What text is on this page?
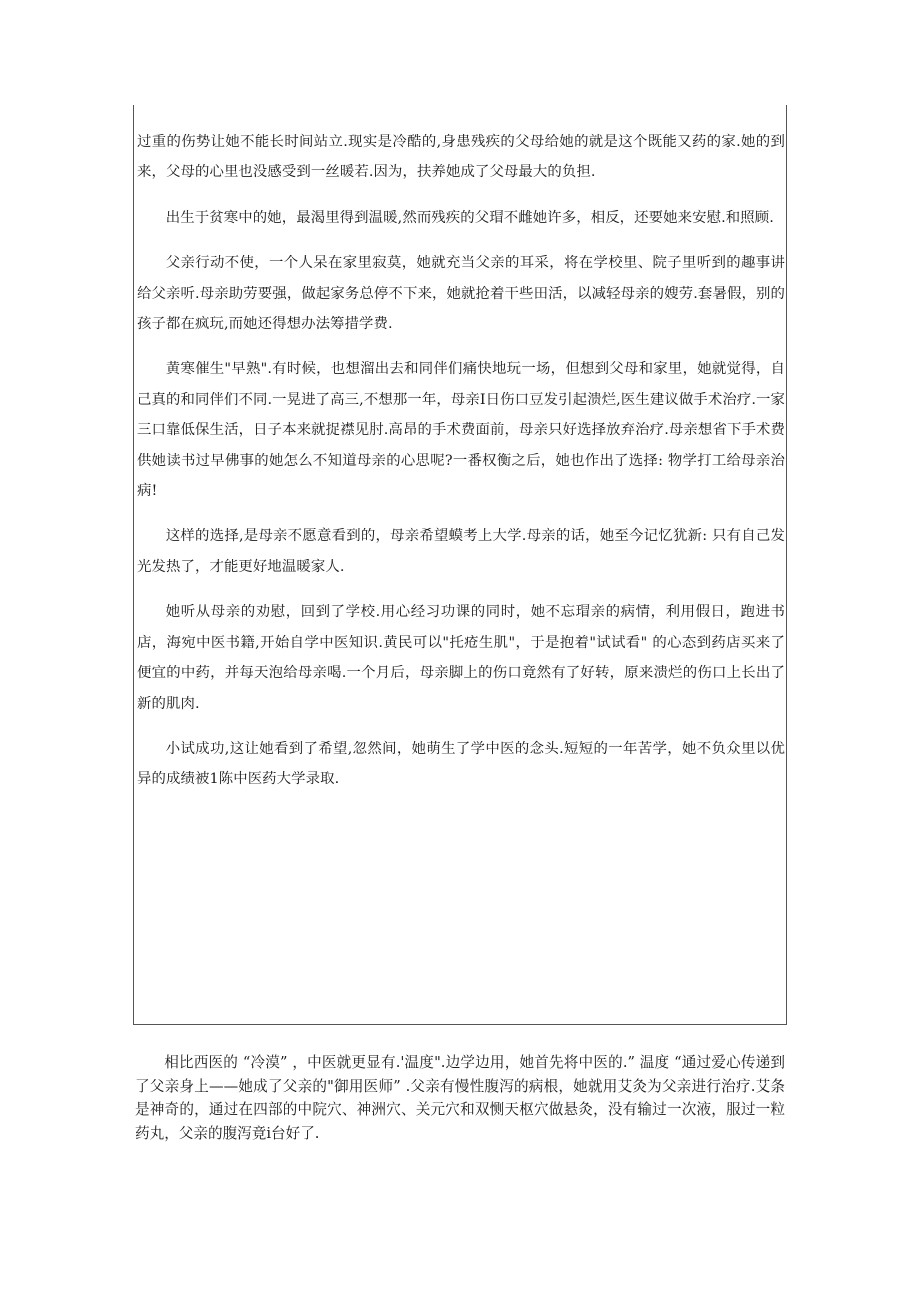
过重的伤势让她不能长时间站立.现实是冷酷的,身患残疾的父母给她的就是这个既能又药的家.她的到来，父母的心里也没感受到一丝暖若.因为，扶养她成了父母最大的负担.

出生于贫寒中的她，最渴里得到温暖,然而残疾的父瑁不雌她许多，相反，还要她来安慰.和照顾.

父亲行动不使，一个人呆在家里寂莫，她就充当父亲的耳采，将在学校里、院子里听到的趣事讲给父亲听.母亲助劳要强，做起家务总停不下来，她就抢着干些田活，以减轻母亲的嫂劳.套暑假，别的孩子都在疯玩,而她还得想办法筹措学费.

黄寒催生"早熟".有时候，也想溜出去和同伴们痛快地玩一场，但想到父母和家里，她就觉得，自己真的和同伴们不同.一晃进了高三,不想那一年，母亲Ⅰ日伤口豆发引起溃烂,医生建议做手术治疗.一家三口靠低保生活，日子本来就捉襟见肘.高昂的手术费面前，母亲只好选择放弃治疗.母亲想省下手术费供她读书过早佛事的她怎么不知道母亲的心思呢?一番权衡之后，她也作出了选择: 物学打工给母亲治病!

这样的选择,是母亲不愿意看到的，母亲希望蟆考上大学.母亲的话，她至今记忆犹新: 只有自己发光发热了，才能更好地温暖家人.

她听从母亲的劝慰，回到了学校.用心经习功课的同时，她不忘瑁亲的病情，利用假日，跑进书店，海宛中医书籍,开始自学中医知识.黄民可以"托疮生肌"，于是抱着"试试看" 的心态到药店买来了便宜的中药，并每天泡给母亲喝.一个月后，母亲脚上的伤口竟然有了好转，原来溃烂的伤口上长出了新的肌肉.

小试成功,这让她看到了希望,忽然间，她萌生了学中医的念头.短短的一年苦学，她不负众里以优异的成绩被1陈中医药大学录取.

相比西医的 “冷漠” ，中医就更显有.'温度".边学边用，她首先将中医的.” 温度 “通过爱心传递到了父亲身上——她成了父亲的"御用医师” .父亲有慢性腹泻的病根，她就用艾灸为父亲进行治疗.艾条是神奇的，通过在四部的中院穴、神洲穴、关元穴和双恻天枢穴做悬灸，没有输过一次液，服过一粒药丸，父亲的腹泻竟i台好了.
